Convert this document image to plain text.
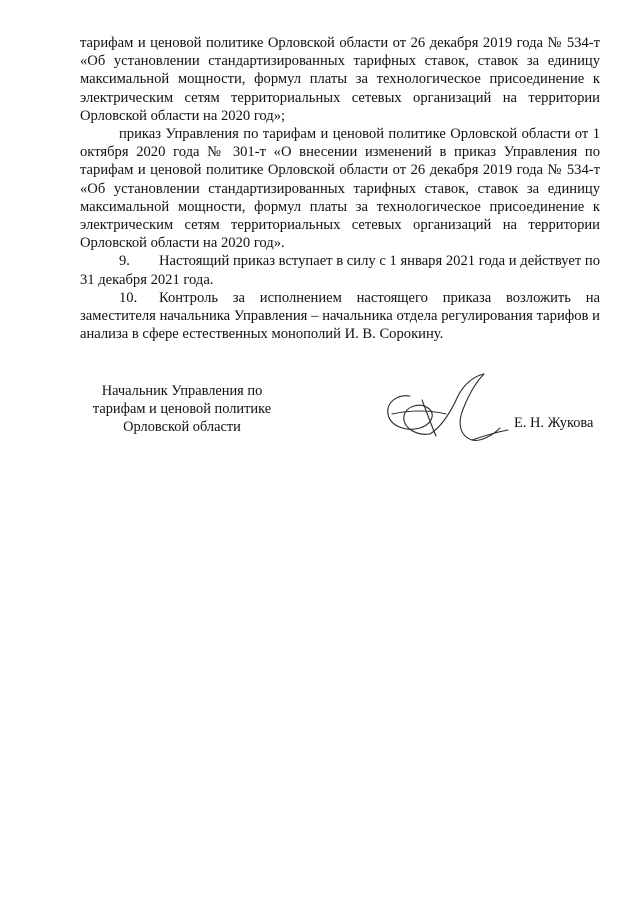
тарифам и ценовой политике Орловской области от 26 декабря 2019 года № 534-т «Об установлении стандартизированных тарифных ставок, ставок за единицу максимальной мощности, формул платы за технологическое присоединение к электрическим сетям территориальных сетевых организаций на территории Орловской области на 2020 год»;

приказ Управления по тарифам и ценовой политике Орловской области от 1 октября 2020 года № 301-т «О внесении изменений в приказ Управления по тарифам и ценовой политике Орловской области от 26 декабря 2019 года № 534-т «Об установлении стандартизированных тарифных ставок, ставок за единицу максимальной мощности, формул платы за технологическое присоединение к электрическим сетям территориальных сетевых организаций на территории Орловской области на 2020 год».

9. Настоящий приказ вступает в силу с 1 января 2021 года и действует по 31 декабря 2021 года.

10. Контроль за исполнением настоящего приказа возложить на заместителя начальника Управления – начальника отдела регулирования тарифов и анализа в сфере естественных монополий И. В. Сорокину.

Начальник Управления по
тарифам и ценовой политике
Орловской области	Е. Н. Жукова
